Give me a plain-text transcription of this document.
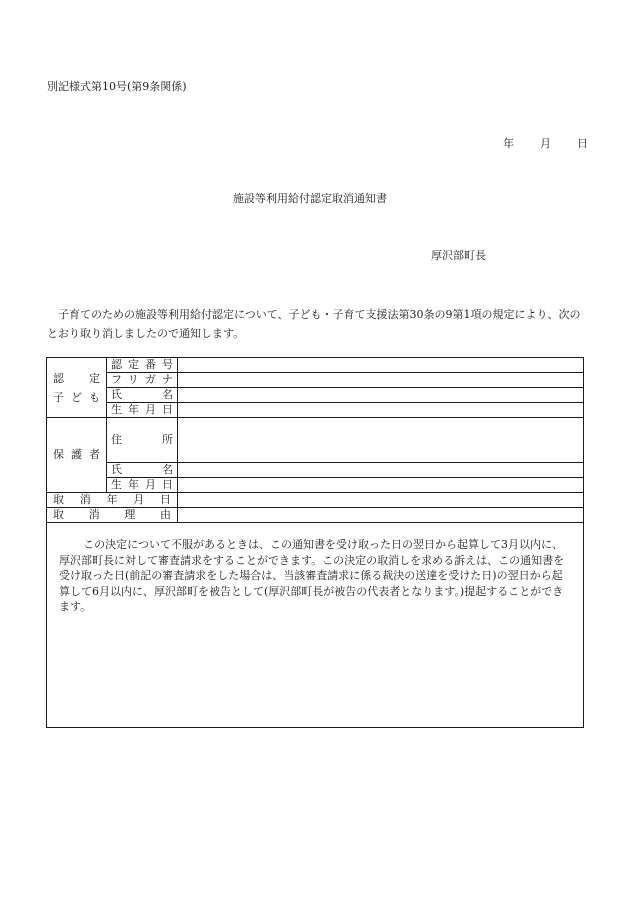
別記様式第10号(第9条関係)
年 月 日
施設等利用給付認定取消通知書
厚沢部町長
子育てのための施設等利用給付認定について、子ども・子育て支援法第30条の9第1項の規定により、次のとおり取り消しましたので通知します。
認　　定
子ども	認定番号	
	フリガナ	
	氏　名	
	生年月日	
保護者	住　所	
	氏　名	
	生年月日	
取消年月日		
取消理由		

この決定について不服があるときは、この通知書を受け取った日の翌日から起算して3月以内に、厚沢部町長に対して審査請求をすることができます。この決定の取消しを求める訴えは、この通知書を受け取った日(前記の審査請求をした場合は、当該審査請求に係る裁決の送達を受けた日)の翌日から起算して6月以内に、厚沢部町を被告として(厚沢部町長が被告の代表者となります。)提起することができます。		
